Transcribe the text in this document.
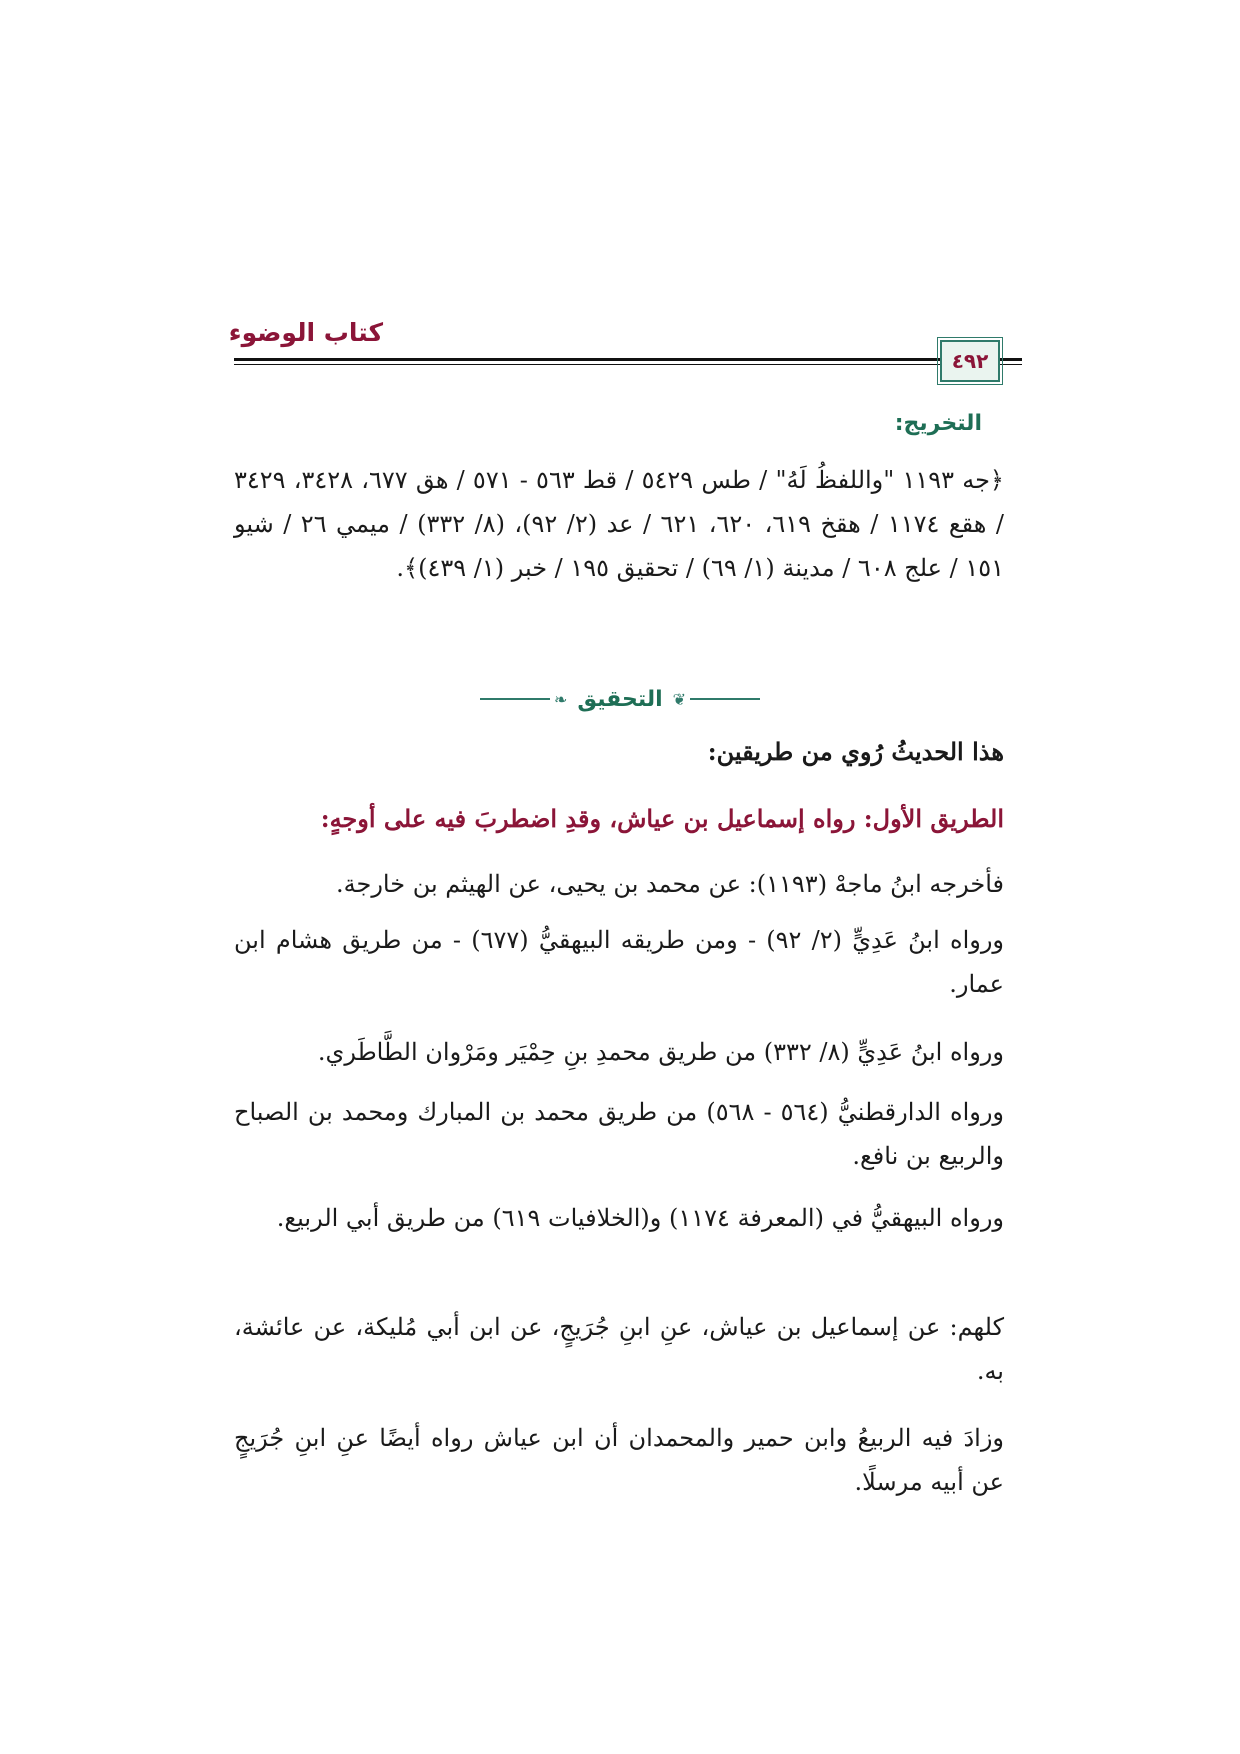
كتاب الوضوء
٤٩٢
التخريج:
﴿جه ١١٩٣ "واللفظُ لَهُ" / طس ٥٤٢٩ / قط ٥٦٣ - ٥٧١ / هق ٦٧٧، ٣٤٢٨، ٣٤٢٩ / هقع ١١٧٤ / هقخ ٦١٩، ٦٢٠، ٦٢١ / عد (٢/ ٩٢)، (٨/ ٣٣٢) / ميمي ٢٦ / شيو ١٥١ / علج ٦٠٨ / مدينة (١/ ٦٩) / تحقيق ١٩٥ / خبر (١/ ٤٣٩)﴾.
❦
التحقيق
❧
هذا الحديثُ رُوي من طريقين:
الطريق الأول: رواه إسماعيل بن عياش، وقدِ اضطربَ فيه على أوجهٍ:
فأخرجه ابنُ ماجهْ (١١٩٣): عن محمد بن يحيى، عن الهيثم بن خارجة.
ورواه ابنُ عَدِيٍّ (٢/ ٩٢) - ومن طريقه البيهقيُّ (٦٧٧) - من طريق هشام ابن عمار.
ورواه ابنُ عَدِيٍّ (٨/ ٣٣٢) من طريق محمدِ بنِ حِمْيَر ومَرْوان الطَّاطَري.
ورواه الدارقطنيُّ (٥٦٤ - ٥٦٨) من طريق محمد بن المبارك ومحمد بن الصباح والربيع بن نافع.
ورواه البيهقيُّ في (المعرفة ١١٧٤) و(الخلافيات ٦١٩) من طريق أبي الربيع.
كلهم: عن إسماعيل بن عياش، عنِ ابنِ جُرَيجٍ، عن ابن أبي مُليكة، عن عائشة، به.
وزادَ فيه الربيعُ وابن حمير والمحمدان أن ابن عياش رواه أيضًا عنِ ابنِ جُرَيجٍ عن أبيه مرسلًا.
